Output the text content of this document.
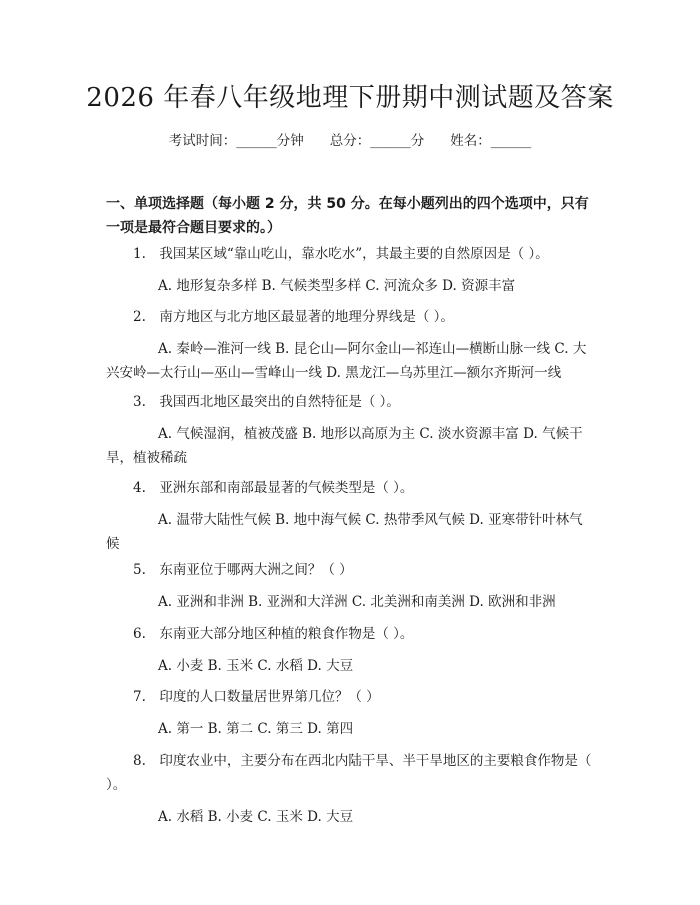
2026 年春八年级地理下册期中测试题及答案
考试时间：______分钟 总分：______分 姓名：______
一、单项选择题（每小题 2 分，共 50 分。在每小题列出的四个选项中，只有一项是最符合题目要求的。）
1.　我国某区域“靠山吃山，靠水吃水”，其最主要的自然原因是（ ）。
A. 地形复杂多样 B. 气候类型多样 C. 河流众多 D. 资源丰富
2.　南方地区与北方地区最显著的地理分界线是（ ）。
A. 秦岭—淮河一线 B. 昆仑山—阿尔金山—祁连山—横断山脉一线 C. 大兴安岭—太行山—巫山—雪峰山一线 D. 黑龙江—乌苏里江—额尔齐斯河一线
3.　我国西北地区最突出的自然特征是（ ）。
A. 气候湿润，植被茂盛 B. 地形以高原为主 C. 淡水资源丰富 D. 气候干旱，植被稀疏
4.　亚洲东部和南部最显著的气候类型是（ ）。
A. 温带大陆性气候 B. 地中海气候 C. 热带季风气候 D. 亚寒带针叶林气候
5.　东南亚位于哪两大洲之间？（ ）
A. 亚洲和非洲 B. 亚洲和大洋洲 C. 北美洲和南美洲 D. 欧洲和非洲
6.　东南亚大部分地区种植的粮食作物是（ ）。
A. 小麦 B. 玉米 C. 水稻 D. 大豆
7.　印度的人口数量居世界第几位？（ ）
A. 第一 B. 第二 C. 第三 D. 第四
8.　印度农业中，主要分布在西北内陆干旱、半干旱地区的主要粮食作物是（ ）。
A. 水稻 B. 小麦 C. 玉米 D. 大豆
